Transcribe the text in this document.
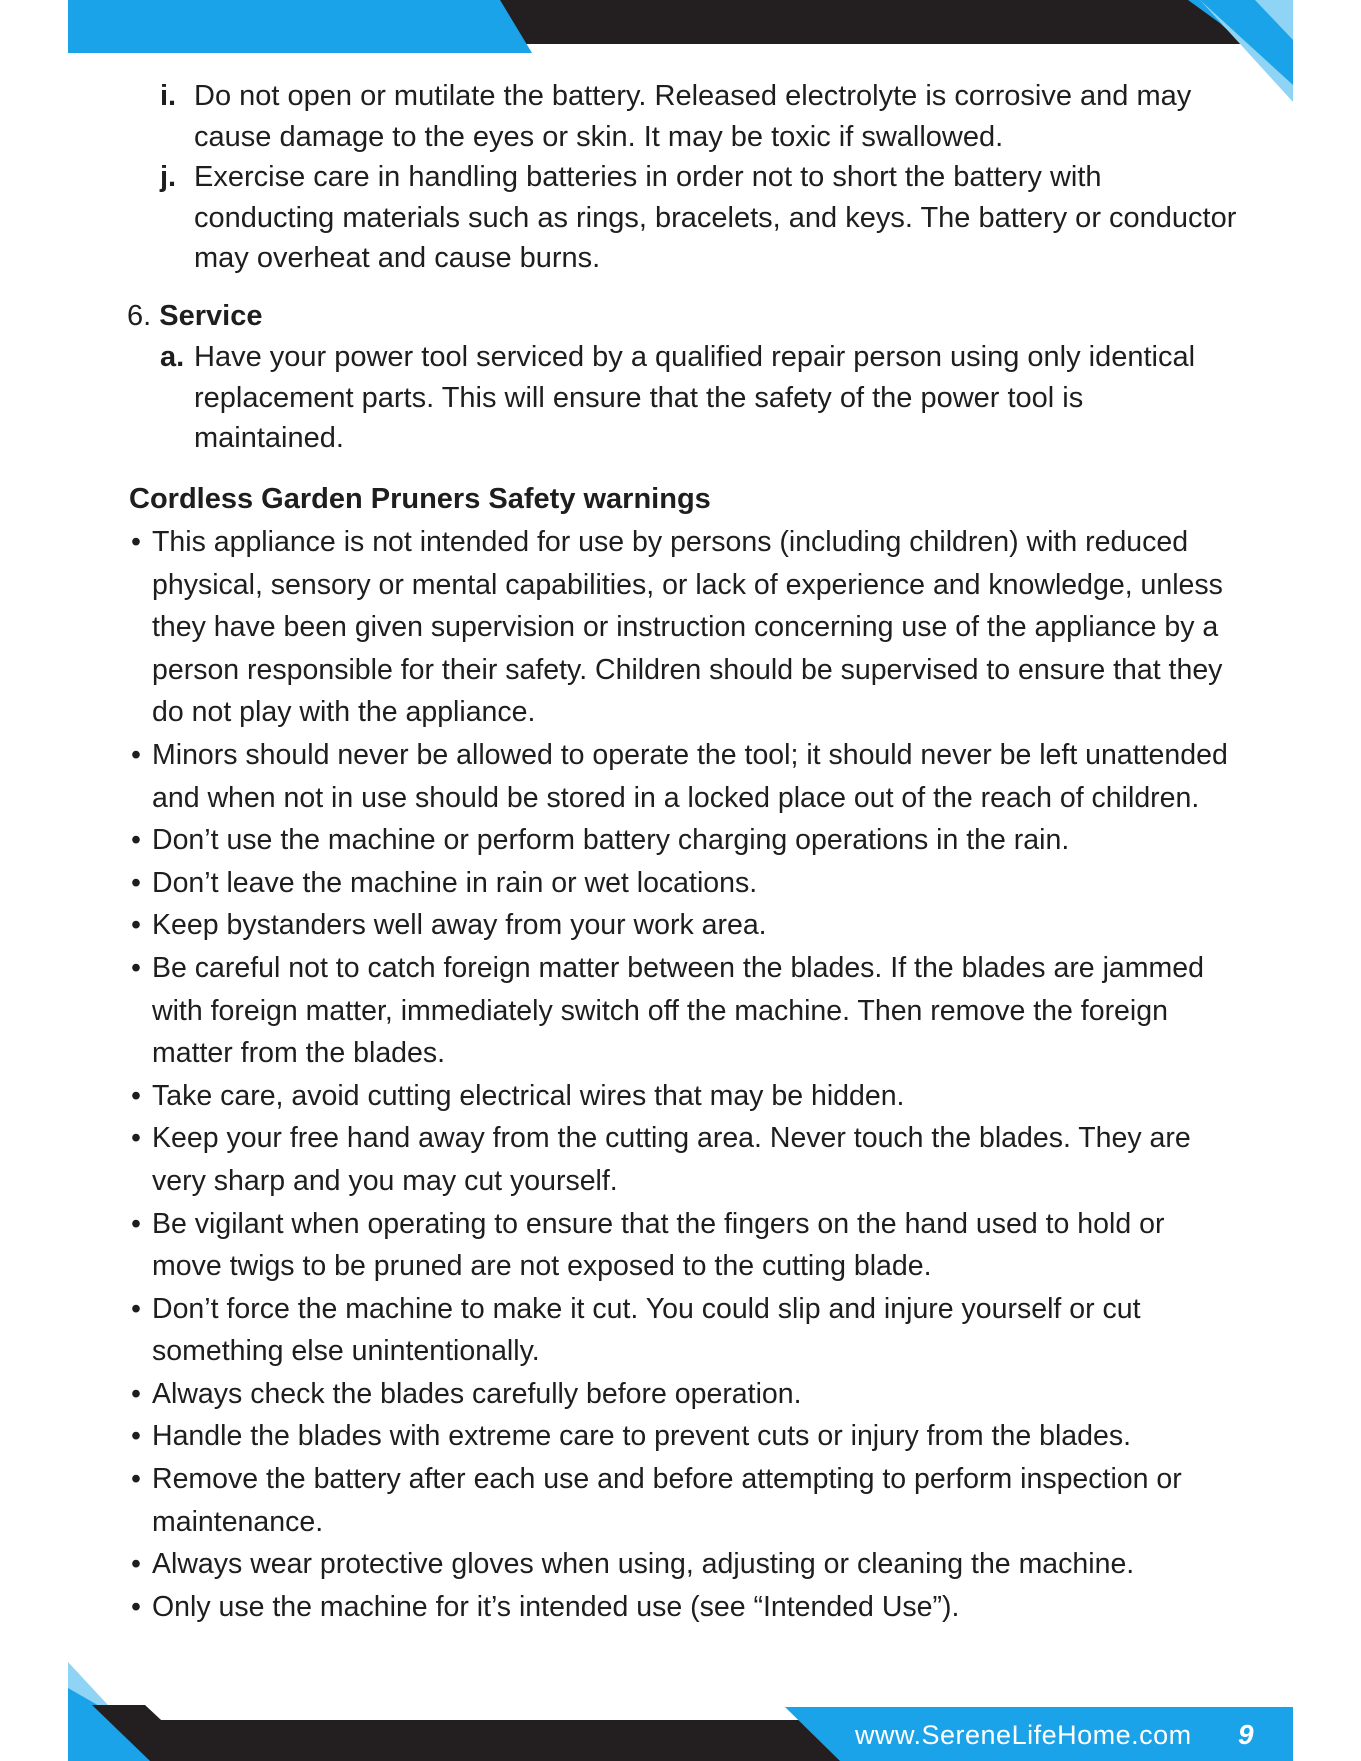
i. Do not open or mutilate the battery. Released electrolyte is corrosive and may cause damage to the eyes or skin. It may be toxic if swallowed.
j. Exercise care in handling batteries in order not to short the battery with conducting materials such as rings, bracelets, and keys. The battery or conductor may overheat and cause burns.
6. Service
a. Have your power tool serviced by a qualified repair person using only identical replacement parts. This will ensure that the safety of the power tool is maintained.
Cordless Garden Pruners Safety warnings
• This appliance is not intended for use by persons (including children) with reduced physical, sensory or mental capabilities, or lack of experience and knowledge, unless they have been given supervision or instruction concerning use of the appliance by a person responsible for their safety. Children should be supervised to ensure that they do not play with the appliance.
• Minors should never be allowed to operate the tool; it should never be left unattended and when not in use should be stored in a locked place out of the reach of children.
• Don’t use the machine or perform battery charging operations in the rain.
• Don’t leave the machine in rain or wet locations.
• Keep bystanders well away from your work area.
• Be careful not to catch foreign matter between the blades. If the blades are jammed with foreign matter, immediately switch off the machine. Then remove the foreign matter from the blades.
• Take care, avoid cutting electrical wires that may be hidden.
• Keep your free hand away from the cutting area. Never touch the blades. They are very sharp and you may cut yourself.
• Be vigilant when operating to ensure that the fingers on the hand used to hold or move twigs to be pruned are not exposed to the cutting blade.
• Don’t force the machine to make it cut. You could slip and injure yourself or cut something else unintentionally.
• Always check the blades carefully before operation.
• Handle the blades with extreme care to prevent cuts or injury from the blades.
• Remove the battery after each use and before attempting to perform inspection or maintenance.
• Always wear protective gloves when using, adjusting or cleaning the machine.
• Only use the machine for it’s intended use (see “Intended Use”).
www.SereneLifeHome.com 9
